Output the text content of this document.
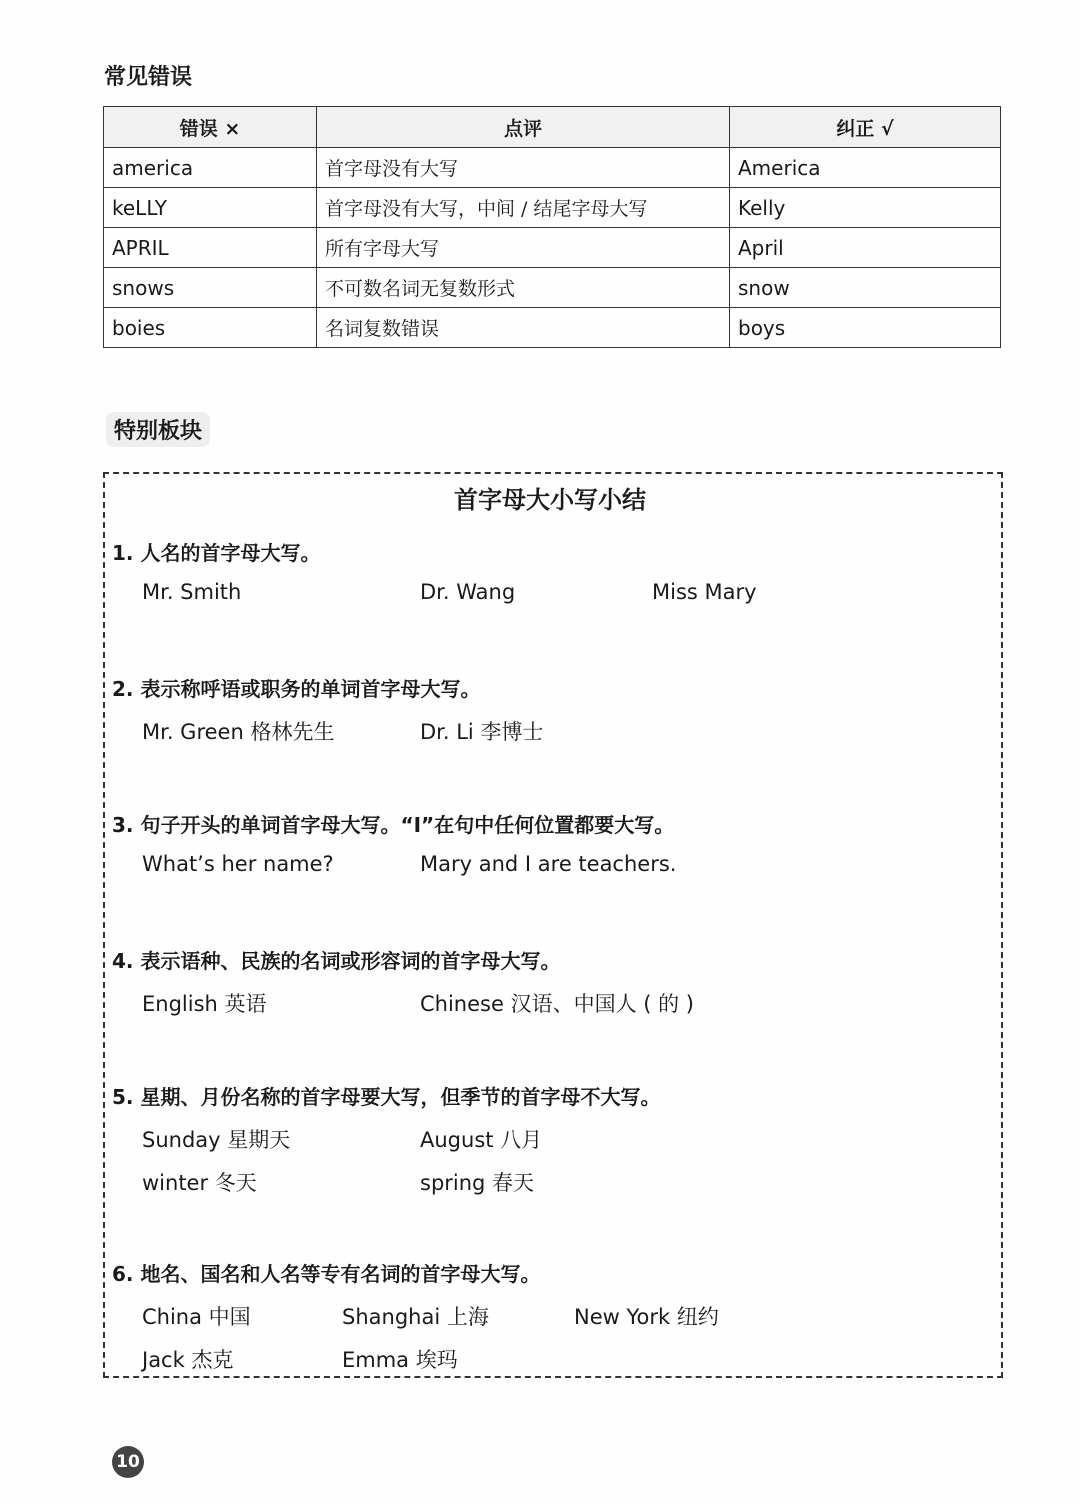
常见错误
错误 ×	点评	纠正 √
america	首字母没有大写	America
keLLY	首字母没有大写，中间 / 结尾字母大写	Kelly
APRIL	所有字母大写	April
snows	不可数名词无复数形式	snow
boies	名词复数错误	boys
特别板块
首字母大小写小结
1. 人名的首字母大写。
Mr. Smith	Dr. Wang	Miss Mary
2. 表示称呼语或职务的单词首字母大写。
Mr. Green 格林先生	Dr. Li 李博士
3. 句子开头的单词首字母大写。“I”在句中任何位置都要大写。
What’s her name?	Mary and I are teachers.
4. 表示语种、民族的名词或形容词的首字母大写。
English 英语	Chinese 汉语、中国人 ( 的 )
5. 星期、月份名称的首字母要大写，但季节的首字母不大写。
Sunday 星期天	August 八月
winter 冬天	spring 春天
6. 地名、国名和人名等专有名词的首字母大写。
China 中国	Shanghai 上海	New York 纽约
Jack 杰克	Emma 埃玛
10
